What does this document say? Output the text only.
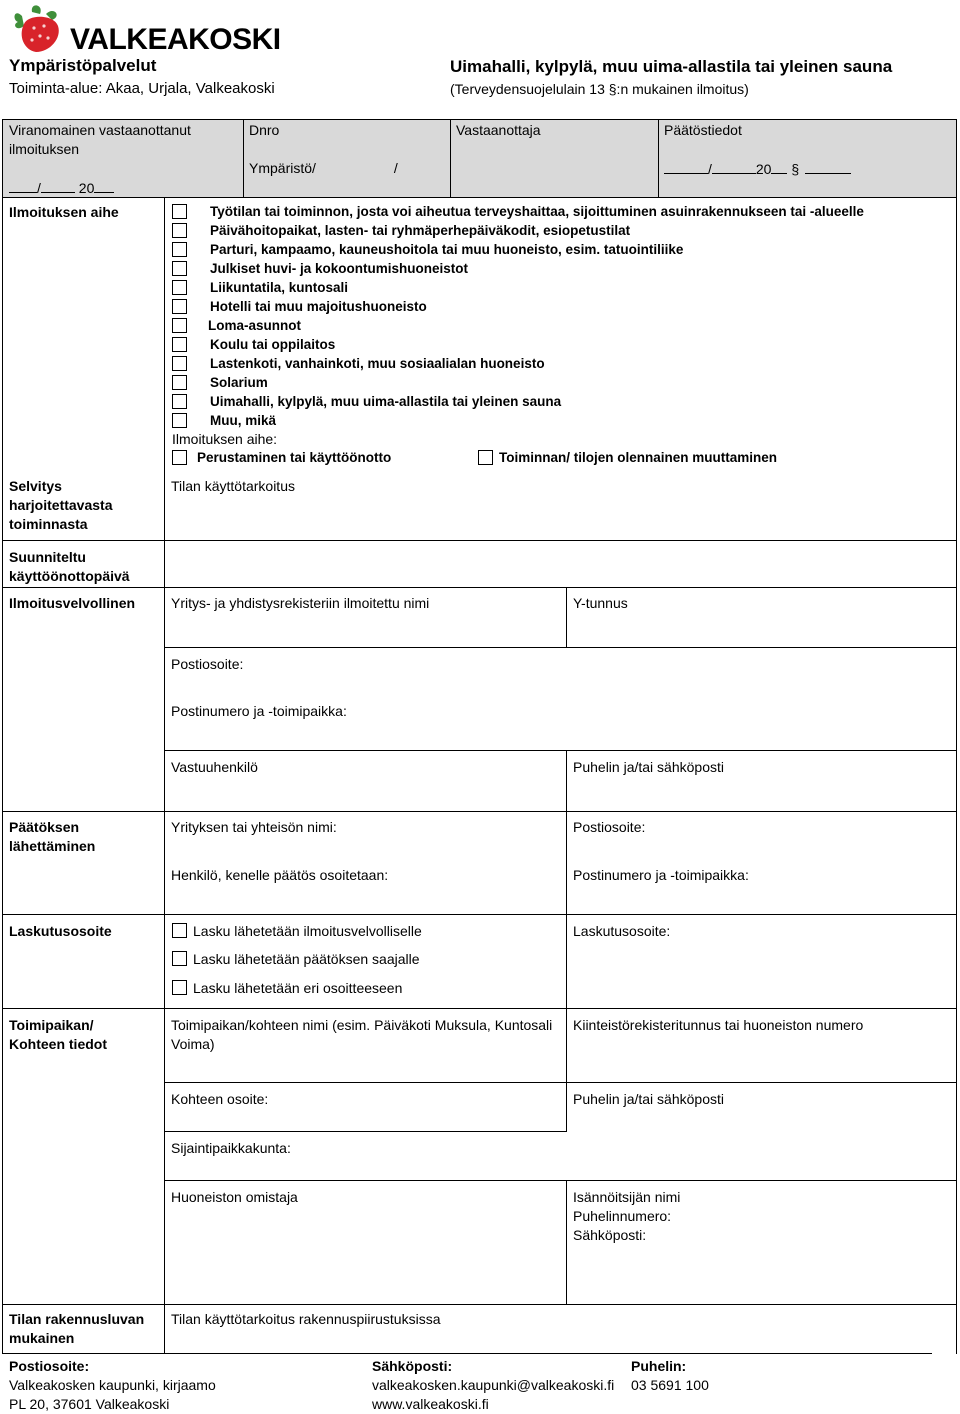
VALKEAKOSKI
Ympäristöpalvelut
Toiminta-alue: Akaa, Urjala, Valkeakoski
Uimahalli, kylpylä, muu uima-allastila tai yleinen sauna
(Terveydensuojelulain 13 §:n mukainen ilmoitus)
Viranomainen vastaanottanut
ilmoituksen
/	20
Dnro
Ympäristö/	/
Vastaanottaja	Päätöstiedot
/	20 §
Ilmoituksen aihe	Työtilan tai toiminnon, josta voi aiheutua terveyshaittaa, sijoittuminen asuinrakennukseen tai -alueelle
Päivähoitopaikat, lasten- tai ryhmäperhepäiväkodit, esiopetustilat
Parturi, kampaamo, kauneushoitola tai muu huoneisto, esim. tatuointiliike
Julkiset huvi- ja kokoontumishuoneistot
Liikuntatila, kuntosali
Hotelli tai muu majoitushuoneisto
Loma-asunnot
Koulu tai oppilaitos
Lastenkoti, vanhainkoti, muu sosiaalialan huoneisto
Solarium
Uimahalli, kylpylä, muu uima-allastila tai yleinen sauna
Muu, mikä
Ilmoituksen aihe:
Perustaminen tai käyttöönotto	Toiminnan/ tilojen olennainen muuttaminen
Selvitys
harjoitettavasta
toiminnasta
Tilan käyttötarkoitus
Suunniteltu
käyttöönottopäivä
Ilmoitusvelvollinen	Yritys- ja yhdistysrekisteriin ilmoitettu nimi	Y-tunnus
Postiosoite:
Postinumero ja -toimipaikka:
Vastuuhenkilö	Puhelin ja/tai sähköposti
Päätöksen
lähettäminen
Yrityksen tai yhteisön nimi:
Henkilö, kenelle päätös osoitetaan:
Postiosoite:
Postinumero ja -toimipaikka:
Laskutusosoite	Lasku lähetetään ilmoitusvelvolliselle
Lasku lähetetään päätöksen saajalle
Lasku lähetetään eri osoitteeseen
Laskutusosoite:
Toimipaikan/
Kohteen tiedot
Toimipaikan/kohteen nimi (esim. Päiväkoti Muksula, Kuntosali
Voima)
Kiinteistörekisteritunnus tai huoneiston numero
Kohteen osoite:	Puhelin ja/tai sähköposti
Sijaintipaikkakunta:
Huoneiston omistaja	Isännöitsijän nimi
Puhelinnumero:
Sähköposti:
Tilan rakennusluvan
mukainen
Tilan käyttötarkoitus rakennuspiirustuksissa
Postiosoite:
Valkeakosken kaupunki, kirjaamo
PL 20, 37601 Valkeakoski
Sähköposti:
valkeakosken.kaupunki@valkeakoski.fi
www.valkeakoski.fi
Puhelin:
03 5691 100
